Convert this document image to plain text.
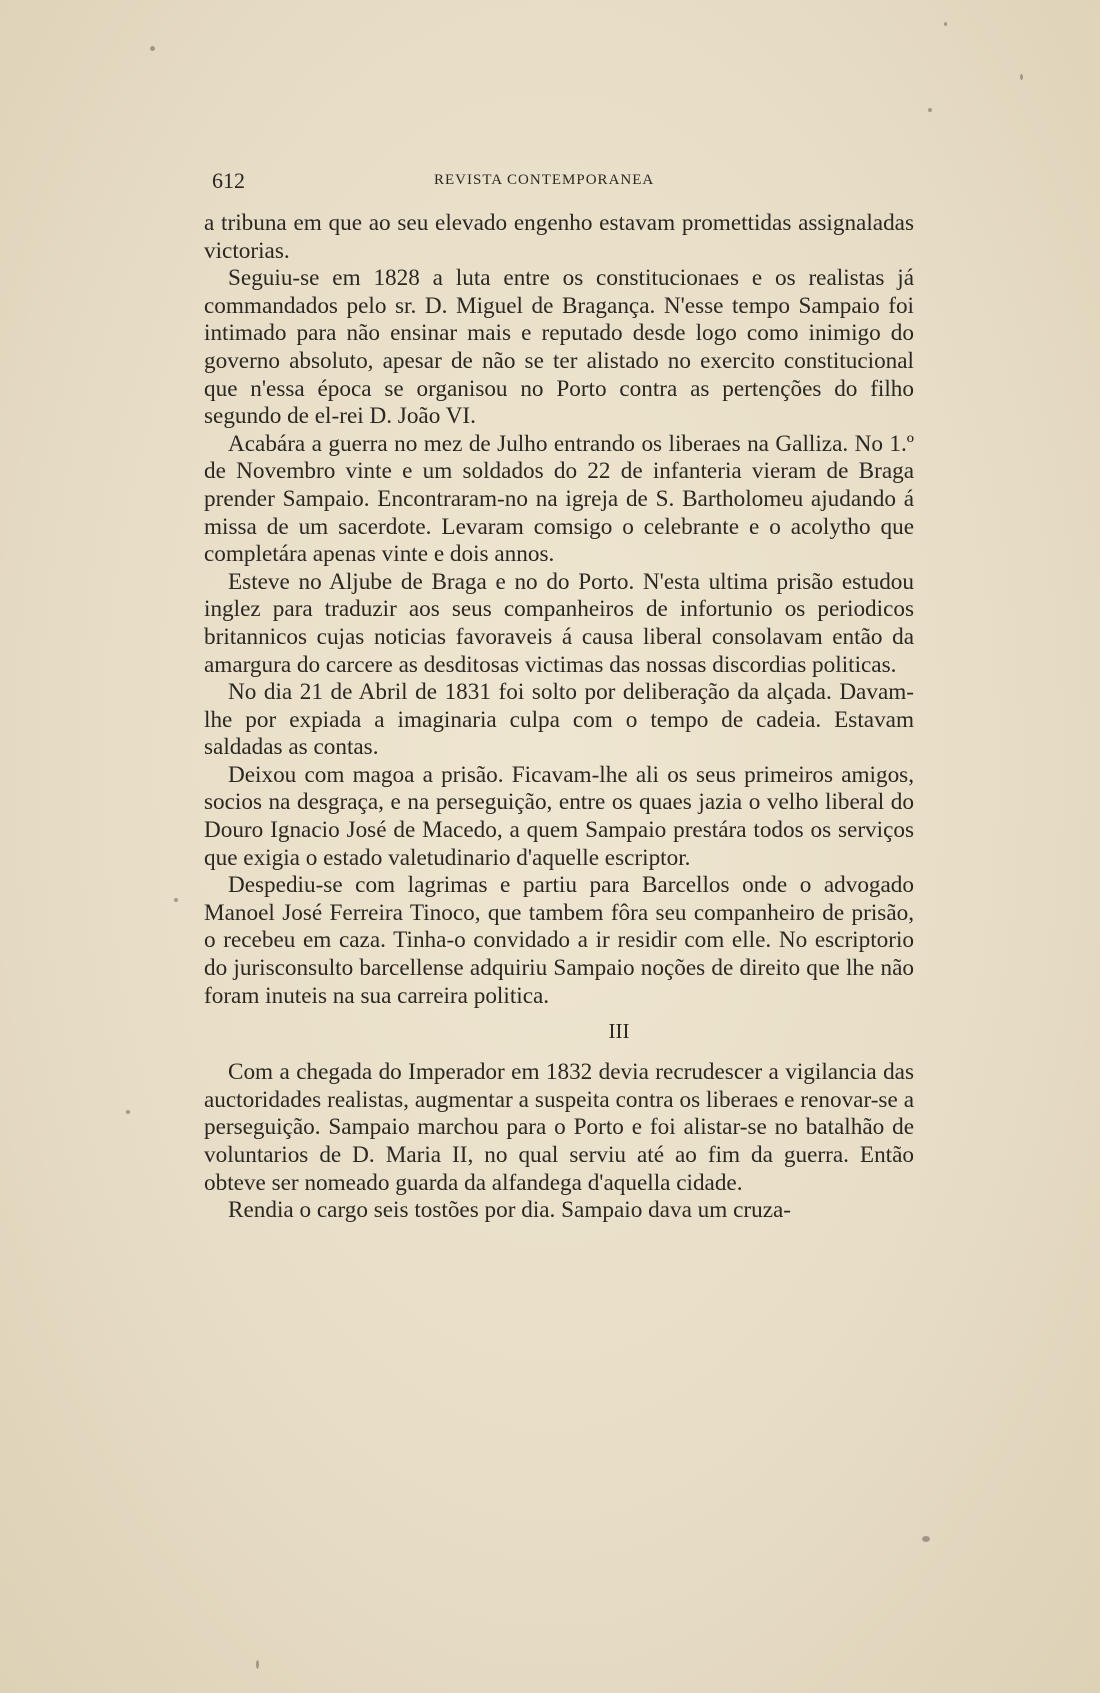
612	REVISTA CONTEMPORANEA

a tribuna em que ao seu elevado engenho estavam promettidas assignaladas victorias.

Seguiu-se em 1828 a luta entre os constitucionaes e os realistas já commandados pelo sr. D. Miguel de Bragança. N'esse tempo Sampaio foi intimado para não ensinar mais e reputado desde logo como inimigo do governo absoluto, apesar de não se ter alistado no exercito constitucional que n'essa época se organisou no Porto contra as pertenções do filho segundo de el-rei D. João VI.

Acabára a guerra no mez de Julho entrando os liberaes na Galliza. No 1.º de Novembro vinte e um soldados do 22 de infanteria vieram de Braga prender Sampaio. Encontraram-no na igreja de S. Bartholomeu ajudando á missa de um sacerdote. Levaram comsigo o celebrante e o acolytho que completára apenas vinte e dois annos.

Esteve no Aljube de Braga e no do Porto. N'esta ultima prisão estudou inglez para traduzir aos seus companheiros de infortunio os periodicos britannicos cujas noticias favoraveis á causa liberal consolavam então da amargura do carcere as desditosas victimas das nossas discordias politicas.

No dia 21 de Abril de 1831 foi solto por deliberação da alçada. Davam-lhe por expiada a imaginaria culpa com o tempo de cadeia. Estavam saldadas as contas.

Deixou com magoa a prisão. Ficavam-lhe ali os seus primeiros amigos, socios na desgraça, e na perseguição, entre os quaes jazia o velho liberal do Douro Ignacio José de Macedo, a quem Sampaio prestára todos os serviços que exigia o estado valetudinario d'aquelle escriptor.

Despediu-se com lagrimas e partiu para Barcellos onde o advogado Manoel José Ferreira Tinoco, que tambem fôra seu companheiro de prisão, o recebeu em caza. Tinha-o convidado a ir residir com elle. No escriptorio do jurisconsulto barcellense adquiriu Sampaio noções de direito que lhe não foram inuteis na sua carreira politica.

III

Com a chegada do Imperador em 1832 devia recrudescer a vigilancia das auctoridades realistas, augmentar a suspeita contra os liberaes e renovar-se a perseguição. Sampaio marchou para o Porto e foi alistar-se no batalhão de voluntarios de D. Maria II, no qual serviu até ao fim da guerra. Então obteve ser nomeado guarda da alfandega d'aquella cidade.

Rendia o cargo seis tostões por dia. Sampaio dava um cruza-
